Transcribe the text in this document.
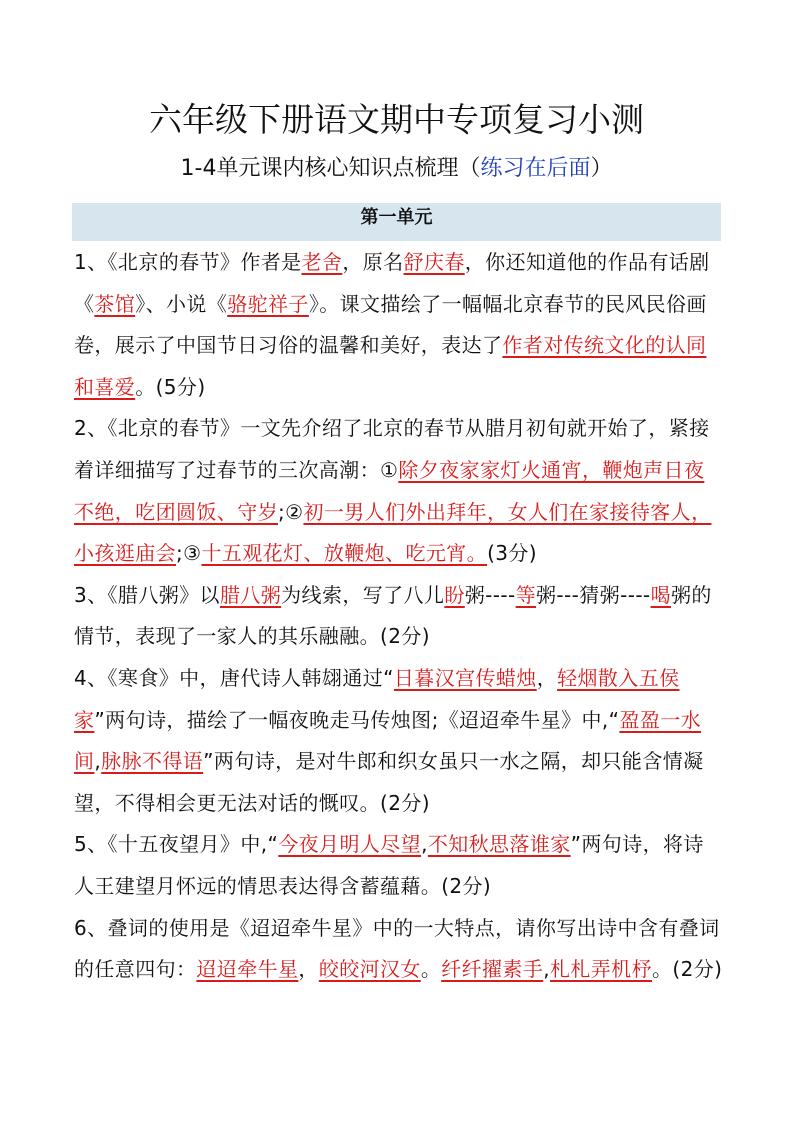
六年级下册语文期中专项复习小测
1-4单元课内核心知识点梳理（练习在后面）
第一单元

1、《北京的春节》作者是老舍，原名舒庆春，你还知道他的作品有话剧《茶馆》、小说《骆驼祥子》。课文描绘了一幅幅北京春节的民风民俗画卷，展示了中国节日习俗的温馨和美好，表达了作者对传统文化的认同和喜爱。(5分)

2、《北京的春节》一文先介绍了北京的春节从腊月初旬就开始了，紧接着详细描写了过春节的三次高潮：①除夕夜家家灯火通宵，鞭炮声日夜不绝，吃团圆饭、守岁;②初一男人们外出拜年，女人们在家接待客人，小孩逛庙会;③十五观花灯、放鞭炮、吃元宵。(3分)

3、《腊八粥》以腊八粥为线索，写了八儿盼粥----等粥---猜粥----喝粥的情节，表现了一家人的其乐融融。(2分)

4、《寒食》中，唐代诗人韩翃通过“日暮汉宫传蜡烛，轻烟散入五侯家”两句诗，描绘了一幅夜晚走马传烛图;《迢迢牵牛星》中,“盈盈一水间,脉脉不得语”两句诗，是对牛郎和织女虽只一水之隔，却只能含情凝望，不得相会更无法对话的慨叹。(2分)

5、《十五夜望月》中,“今夜月明人尽望,不知秋思落谁家”两句诗，将诗人王建望月怀远的情思表达得含蓄蕴藉。(2分)

6、叠词的使用是《迢迢牵牛星》中的一大特点，请你写出诗中含有叠词的任意四句：迢迢牵牛星，皎皎河汉女。纤纤擢素手,札札弄机杼。(2分)
